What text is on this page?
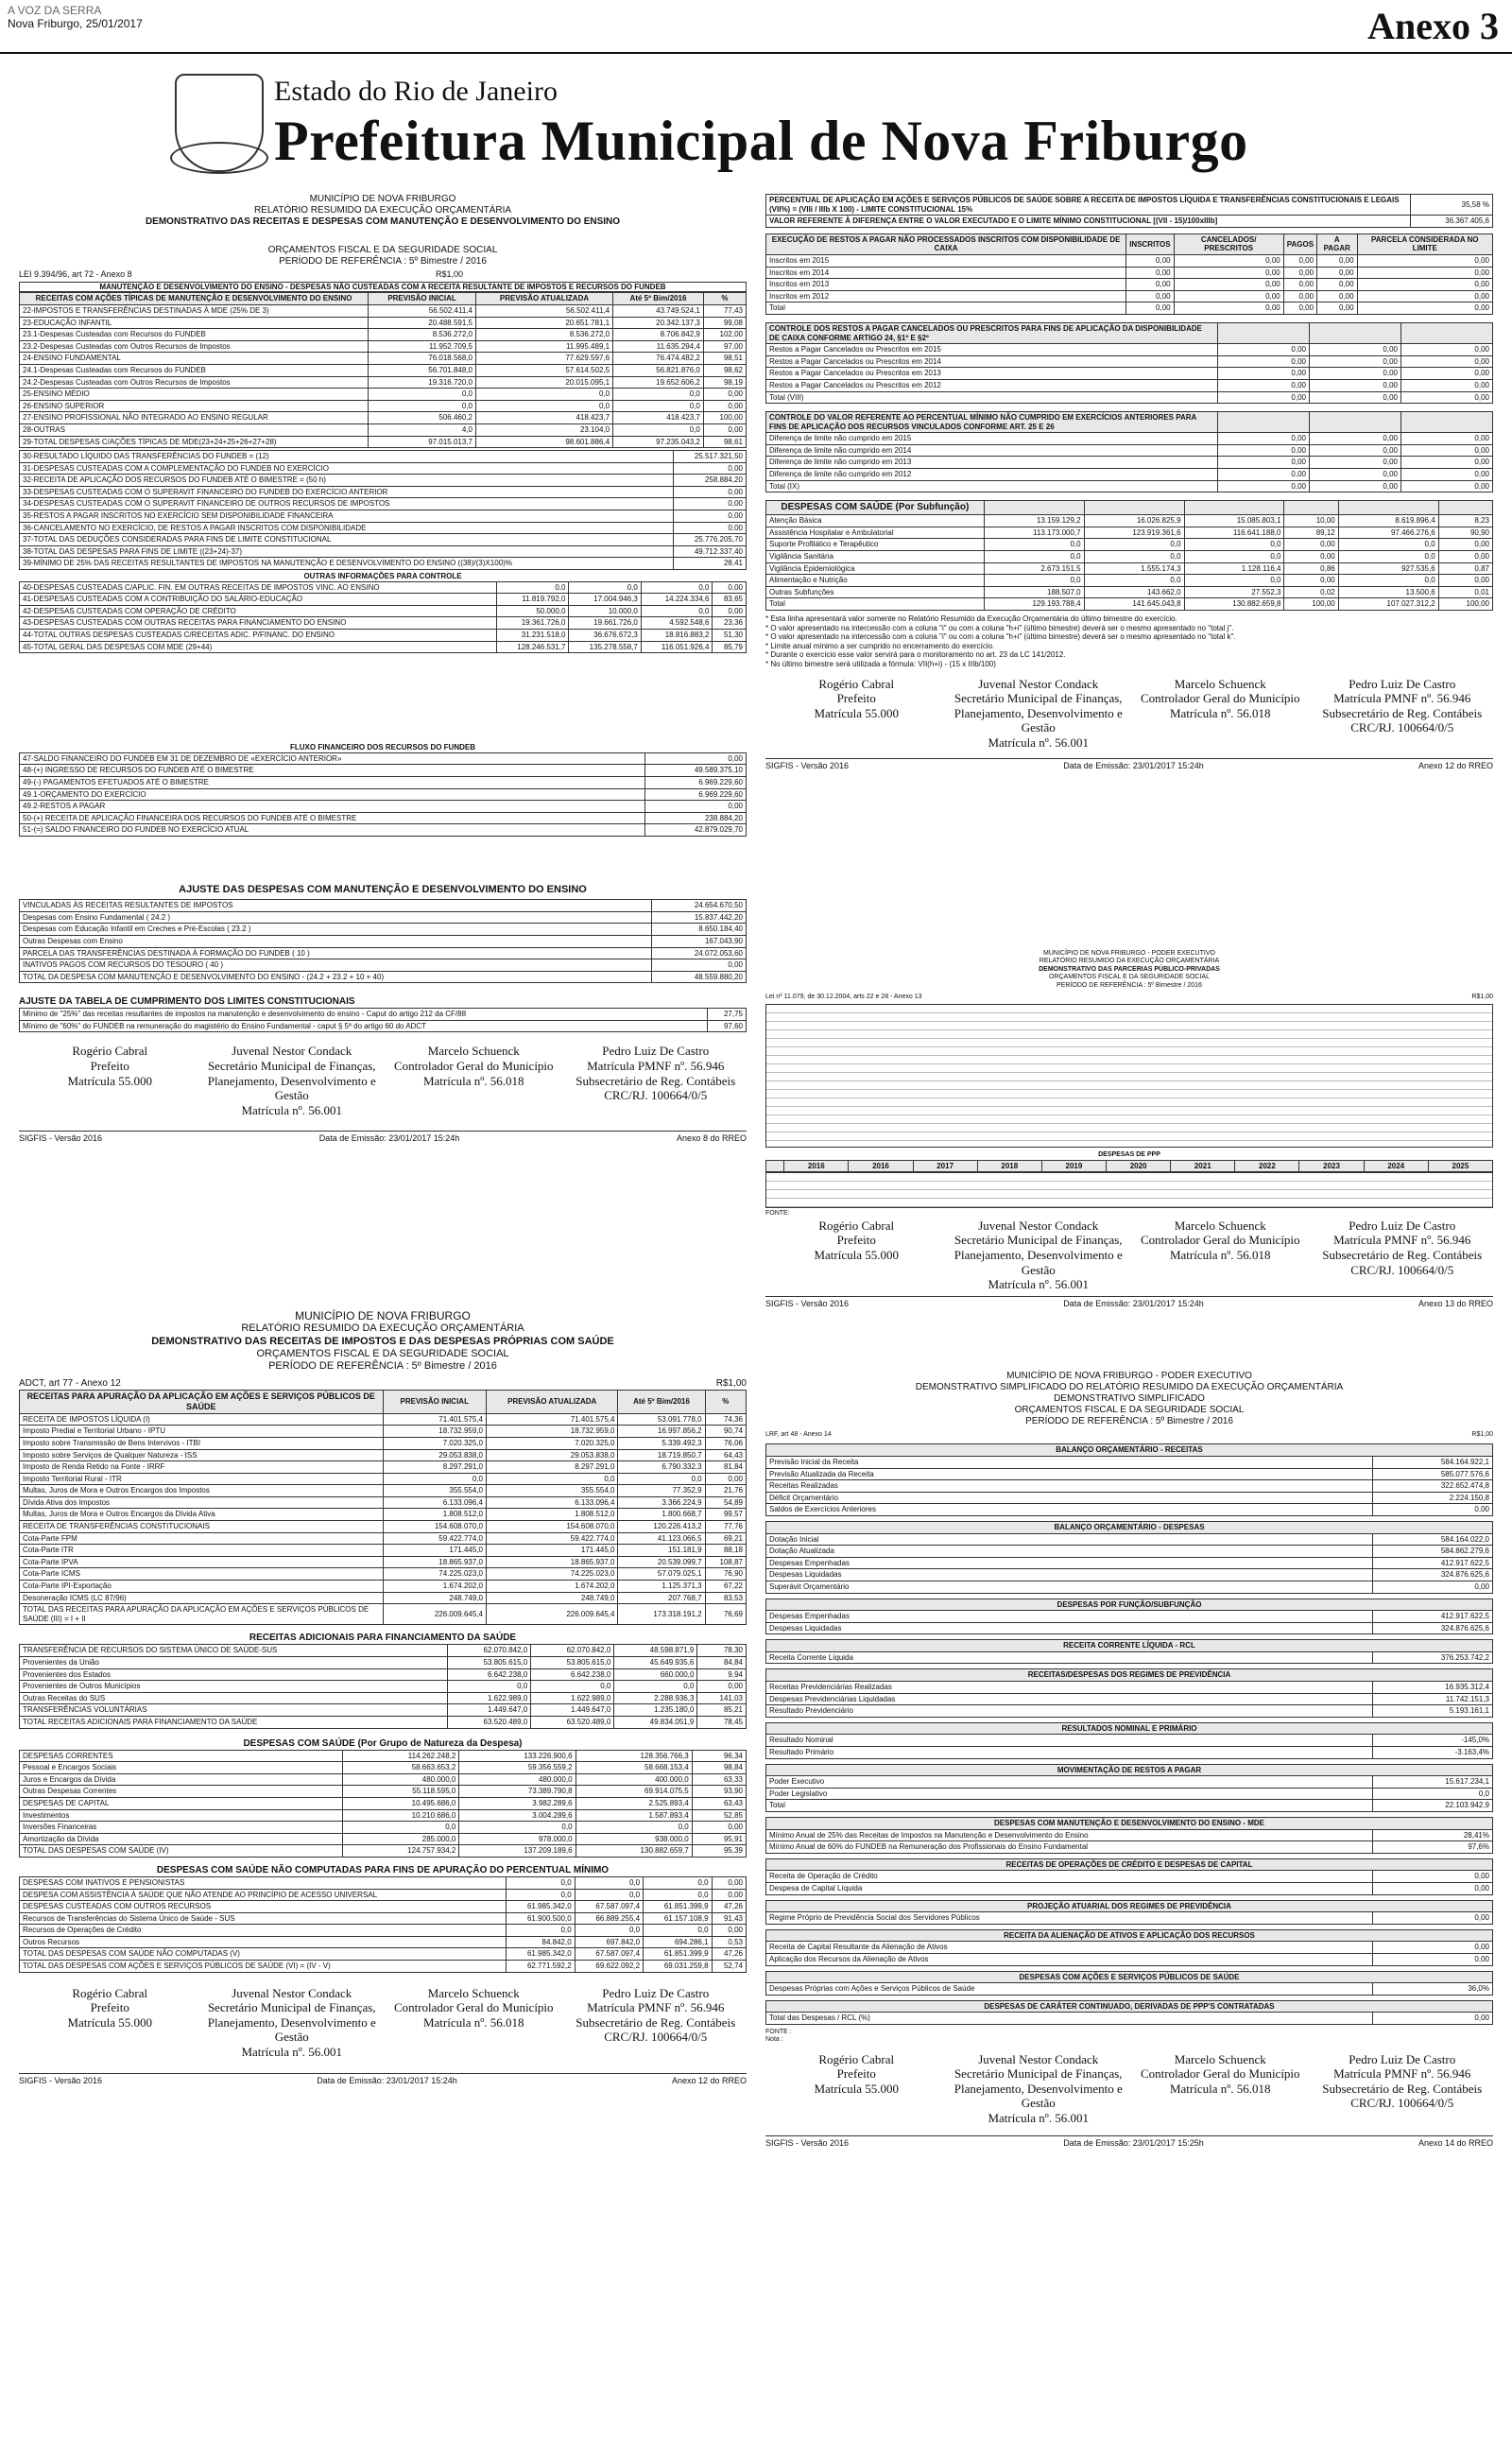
A VOZ DA SERRA
Nova Friburgo, 25/01/2017	Anexo 3
Estado do Rio de Janeiro
Prefeitura Municipal de Nova Friburgo
MUNICÍPIO DE NOVA FRIBURGO
RELATÓRIO RESUMIDO DA EXECUÇÃO ORÇAMENTÁRIA
DEMONSTRATIVO DAS RECEITAS E DESPESAS COM MANUTENÇÃO E DESENVOLVIMENTO DO ENSINO
ORÇAMENTOS FISCAL E DA SEGURIDADE SOCIAL
PERÍODO DE REFERÊNCIA : 5º Bimestre / 2016
LEI 9.394/96, art 72 - Anexo 8	R$1,00
MANUTENÇÃO E DESENVOLVIMENTO DO ENSINO - DESPESAS NÃO CUSTEADAS COM A RECEITA RESULTANTE DE IMPOSTOS E RECURSOS DO FUNDEB
RECEITAS COM AÇÕES TÍPICAS DE MANUTENÇÃO E DESENVOLVIMENTO DO ENSINO	PREVISÃO INICIAL	PREVISÃO ATUALIZADA	Até 5º Bim/2016	%
22-IMPOSTOS E TRANSFERÊNCIAS DESTINADAS À MDE (25% DE 3)	56.502.411,4	56.502.411,4	43.749.524,1	77,43
23-EDUCAÇÃO INFANTIL	20.488.591,5	20.651.781,1	20.342.137,3	99,08
23.1-Despesas Custeadas com Recursos do FUNDEB	8.536.272,0	8.536.272,0	8.706.842,9	102,00
23.2-Despesas Custeadas com Outros Recursos de Impostos	11.952.709,5	11.995.489,1	11.635.294,4	97,00
24-ENSINO FUNDAMENTAL	76.018.568,0	77.629.597,6	76.474.482,2	98,51
24.1-Despesas Custeadas com Recursos do FUNDEB	56.701.848,0	57.614.502,5	56.821.876,0	98,62
24.2-Despesas Custeadas com Outros Recursos de Impostos	19.316.720,0	20.015.095,1	19.652.606,2	98,19
25-ENSINO MÉDIO	0,0	0,0	0,0	0,00
26-ENSINO SUPERIOR	0,0	0,0	0,0	0,00
27-ENSINO PROFISSIONAL NÃO INTEGRADO AO ENSINO REGULAR	506.460,2	418.423,7	418.423,7	100,00
28-OUTRAS	4,0	23.104,0	0,0	0,00
29-TOTAL DESPESAS C/AÇÕES TÍPICAS DE MDE(23+24+25+26+27+28)	97.015.013,7	98.601.886,4	97.235.043,2	98,61
30-RESULTADO LÍQUIDO DAS TRANSFERÊNCIAS DO FUNDEB = (12)	25.517.321,50
31-DESPESAS CUSTEADAS COM A COMPLEMENTAÇÃO DO FUNDEB NO EXERCÍCIO	0,00
32-RECEITA DE APLICAÇÃO DOS RECURSOS DO FUNDEB ATÉ O BIMESTRE = (50 h)	258.884,20
33-DESPESAS CUSTEADAS COM O SUPERAVIT FINANCEIRO DO FUNDEB DO EXERCÍCIO ANTERIOR	0,00
34-DESPESAS CUSTEADAS COM O SUPERAVIT FINANCEIRO DE OUTROS RECURSOS DE IMPOSTOS	0,00
35-RESTOS A PAGAR INSCRITOS NO EXERCÍCIO SEM DISPONIBILIDADE FINANCEIRA	0,00
36-CANCELAMENTO NO EXERCÍCIO, DE RESTOS A PAGAR INSCRITOS COM DISPONIBILIDADE	0,00
37-TOTAL DAS DEDUÇÕES CONSIDERADAS PARA FINS DE LIMITE CONSTITUCIONAL	25.776.205,70
38-TOTAL DAS DESPESAS PARA FINS DE LIMITE ((23+24)-37)	49.712.337,40
39-MÍNIMO DE 25% DAS RECEITAS RESULTANTES DE IMPOSTOS NA MANUTENÇÃO E DESENVOLVIMENTO DO ENSINO ((38)/(3)X100)%	28,41
OUTRAS INFORMAÇÕES PARA CONTROLE
40-DESPESAS CUSTEADAS C/APLIC. FIN. EM OUTRAS RECEITAS DE IMPOSTOS VINC. AO ENSINO	0,0	0,0	0,0	0,00
41-DESPESAS CUSTEADAS COM A CONTRIBUIÇÃO DO SALÁRIO-EDUCAÇÃO	11.819.792,0	17.004.946,3	14.224.334,6	83,65
42-DESPESAS CUSTEADAS COM OPERAÇÃO DE CRÉDITO	50.000,0	10.000,0	0,0	0,00
43-DESPESAS CUSTEADAS COM OUTRAS RECEITAS PARA FINANCIAMENTO DO ENSINO	19.361.726,0	19.661.726,0	4.592.548,6	23,36
44-TOTAL OUTRAS DESPESAS CUSTEADAS C/RECEITAS ADIC. P/FINANC. DO ENSINO	31.231.518,0	36.676.672,3	18.816.883,2	51,30
45-TOTAL GERAL DAS DESPESAS COM MDE (29+44)	128.246.531,7	135.278.558,7	116.051.926,4	85,79
FLUXO FINANCEIRO DOS RECURSOS DO FUNDEB
47-SALDO FINANCEIRO DO FUNDEB EM 31 DE DEZEMBRO DE «EXERCÍCIO ANTERIOR»	0,00
48-(+) INGRESSO DE RECURSOS DO FUNDEB ATÉ O BIMESTRE	49.589.375,10
49-(-) PAGAMENTOS EFETUADOS ATÉ O BIMESTRE	6.969.229,60
49.1-ORÇAMENTO DO EXERCÍCIO	6.969.229,60
49.2-RESTOS A PAGAR	0,00
50-(+) RECEITA DE APLICAÇÃO FINANCEIRA DOS RECURSOS DO FUNDEB ATÉ O BIMESTRE	238.884,20
51-(=) SALDO FINANCEIRO DO FUNDEB NO EXERCÍCIO ATUAL	42.879.029,70
AJUSTE DAS DESPESAS COM MANUTENÇÃO E DESENVOLVIMENTO DO ENSINO
VINCULADAS ÀS RECEITAS RESULTANTES DE IMPOSTOS	24.654.670,50
Despesas com Ensino Fundamental ( 24.2 )	15.837.442,20
Despesas com Educação Infantil em Creches e Pré-Escolas ( 23.2 )	8.650.184,40
Outras Despesas com Ensino	167.043,90
PARCELA DAS TRANSFERÊNCIAS DESTINADA À FORMAÇÃO DO FUNDEB ( 10 )	24.072.053,60
INATIVOS PAGOS COM RECURSOS DO TESOURO ( 40 )	0,00
TOTAL DA DESPESA COM MANUTENÇÃO E DESENVOLVIMENTO DO ENSINO - (24.2 + 23.2 + 10 + 40)	48.559.880,20
AJUSTE DA TABELA DE CUMPRIMENTO DOS LIMITES CONSTITUCIONAIS
Mínimo de "25%" das receitas resultantes de impostos na manutenção e desenvolvimento do ensino - Caput do artigo 212 da CF/88	27,75
Mínimo de "60%" do FUNDEB na remuneração do magistério do Ensino Fundamental - caput § 5º do artigo 60 do ADCT	97,60
Rogério Cabral
Prefeito
Matrícula 55.000
Juvenal Nestor Condack
Secretário Municipal de Finanças,
Planejamento, Desenvolvimento e Gestão
Matrícula nº. 56.001
Marcelo Schuenck
Controlador Geral do Município
Matrícula nº. 56.018
Pedro Luiz De Castro
Matrícula PMNF nº. 56.946
Subsecretário de Reg. Contábeis
CRC/RJ. 100664/0/5
SIGFIS - Versão 2016	Data de Emissão: 23/01/2017 15:24h	Anexo 8 do RREO
MUNICÍPIO DE NOVA FRIBURGO
RELATÓRIO RESUMIDO DA EXECUÇÃO ORÇAMENTÁRIA
DEMONSTRATIVO DAS RECEITAS DE IMPOSTOS E DAS DESPESAS PRÓPRIAS COM SAÚDE
ORÇAMENTOS FISCAL E DA SEGURIDADE SOCIAL
PERÍODO DE REFERÊNCIA : 5º Bimestre / 2016
ADCT, art 77 - Anexo 12	R$1,00
RECEITAS PARA APURAÇÃO DA APLICAÇÃO EM AÇÕES E SERVIÇOS PÚBLICOS DE SAÚDE	PREVISÃO INICIAL	PREVISÃO ATUALIZADA	Até 5º Bim/2016	%
RECEITA DE IMPOSTOS LÍQUIDA (I)	71.401.575,4	71.401.575,4	53.091.778,0	74,36
Imposto Predial e Territorial Urbano - IPTU	18.732.959,0	18.732.959,0	16.997.856,2	90,74
Imposto sobre Transmissão de Bens Intervivos - ITBI	7.020.325,0	7.020.325,0	5.339.492,3	76,06
Imposto sobre Serviços de Qualquer Natureza - ISS	29.053.838,0	29.053.838,0	18.719.850,7	64,43
Imposto de Renda Retido na Fonte - IRRF	8.297.291,0	8.297.291,0	6.790.332,3	81,84
Imposto Territorial Rural - ITR	0,0	0,0	0,0	0,00
Multas, Juros de Mora e Outros Encargos dos Impostos	355.554,0	355.554,0	77.352,9	21,76
Dívida Ativa dos Impostos	6.133.096,4	6.133.096,4	3.366.224,9	54,89
Multas, Juros de Mora e Outros Encargos da Dívida Ativa	1.808.512,0	1.808.512,0	1.800.668,7	99,57
RECEITA DE TRANSFERÊNCIAS CONSTITUCIONAIS	154.608.070,0	154.608.070,0	120.226.413,2	77,76
Cota-Parte FPM	59.422.774,0	59.422.774,0	41.123.066,5	69,21
Cota-Parte ITR	171.445,0	171.445,0	151.181,9	88,18
Cota-Parte IPVA	18.865.937,0	18.865.937,0	20.539.099,7	108,87
Cota-Parte ICMS	74.225.023,0	74.225.023,0	57.079.025,1	76,90
Cota-Parte IPI-Exportação	1.674.202,0	1.674.202,0	1.125.371,3	67,22
Desoneração ICMS (LC 87/96)	248.749,0	248.749,0	207.768,7	83,53
TOTAL DAS RECEITAS PARA APURAÇÃO DA APLICAÇÃO EM AÇÕES E SERVIÇOS PÚBLICOS DE SAÚDE (III) = I + II	226.009.645,4	226.009.645,4	173.318.191,2	76,69
RECEITAS ADICIONAIS PARA FINANCIAMENTO DA SAÚDE
TRANSFERÊNCIA DE RECURSOS DO SISTEMA ÚNICO DE SAÚDE-SUS	62.070.842,0	62.070.842,0	48.598.871,9	78,30
Provenientes da União	53.805.615,0	53.805.615,0	45.649.935,6	84,84
Provenientes dos Estados	6.642.238,0	6.642.238,0	660.000,0	9,94
Provenientes de Outros Municípios	0,0	0,0	0,0	0,00
Outras Receitas do SUS	1.622.989,0	1.622.989,0	2.288.936,3	141,03
TRANSFERÊNCIAS VOLUNTÁRIAS	1.449.647,0	1.449.647,0	1.235.180,0	85,21
TOTAL RECEITAS ADICIONAIS PARA FINANCIAMENTO DA SAÚDE	63.520.489,0	63.520.489,0	49.834.051,9	78,45
DESPESAS COM SAÚDE (Por Grupo de Natureza da Despesa)
DESPESAS CORRENTES	114.262.248,2	133.226.900,6	128.356.766,3	96,34
Pessoal e Encargos Sociais	58.663.653,2	59.356.559,2	58.668.153,4	98,84
Juros e Encargos da Dívida	480.000,0	480.000,0	400.000,0	63,33
Outras Despesas Correntes	55.118.595,0	73.389.790,8	69.914.075,5	93,90
DESPESAS DE CAPITAL	10.495.686,0	3.982.289,6	2.525.893,4	63,43
Investimentos	10.210.686,0	3.004.289,6	1.587.893,4	52,85
Inversões Financeiras	0,0	0,0	0,0	0,00
Amortização da Dívida	285.000,0	978.000,0	938.000,0	95,91
TOTAL DAS DESPESAS COM SAÚDE (IV)	124.757.934,2	137.209.189,6	130.882.659,7	95,39
DESPESAS COM SAÚDE NÃO COMPUTADAS PARA FINS DE APURAÇÃO DO PERCENTUAL MÍNIMO
DESPESAS COM INATIVOS E PENSIONISTAS	0,0	0,0	0,0	0,00
DESPESA COM ASSISTÊNCIA À SAÚDE QUE NÃO ATENDE AO PRINCÍPIO DE ACESSO UNIVERSAL	0,0	0,0	0,0	0,00
DESPESAS CUSTEADAS COM OUTROS RECURSOS	61.985.342,0	67.587.097,4	61.851.399,9	47,26
Recursos de Transferências do Sistema Único de Saúde - SUS	61.900.500,0	66.889.255,4	61.157.108,9	91,43
Recursos de Operações de Crédito	0,0	0,0	0,0	0,00
Outros Recursos	84.842,0	697.842,0	694.286,1	0,53
TOTAL DAS DESPESAS COM SAÚDE NÃO COMPUTADAS (V)	61.985.342,0	67.587.097,4	61.851.399,9	47,26
TOTAL DAS DESPESAS COM AÇÕES E SERVIÇOS PÚBLICOS DE SAÚDE (VI) = (IV - V)	62.771.592,2	69.622.092,2	69.031.259,8	52,74
Rogério Cabral
Prefeito
Matrícula 55.000
Juvenal Nestor Condack
Secretário Municipal de Finanças,
Planejamento, Desenvolvimento e Gestão
Matrícula nº. 56.001
Marcelo Schuenck
Controlador Geral do Município
Matrícula nº. 56.018
Pedro Luiz De Castro
Matrícula PMNF nº. 56.946
Subsecretário de Reg. Contábeis
CRC/RJ. 100664/0/5
SIGFIS - Versão 2016	Data de Emissão: 23/01/2017 15:24h	Anexo 12 do RREO
PERCENTUAL DE APLICAÇÃO EM AÇÕES E SERVIÇOS PÚBLICOS DE SAÚDE SOBRE A RECEITA DE IMPOSTOS LÍQUIDA E TRANSFERÊNCIAS CONSTITUCIONAIS E LEGAIS (VII%) = (VIIi / IIIb X 100) - LIMITE CONSTITUCIONAL 15%	35,58 %
VALOR REFERENTE À DIFERENÇA ENTRE O VALOR EXECUTADO E O LIMITE MÍNIMO CONSTITUCIONAL [(VII - 15)/100xIIIb]	36.367.405,6
EXECUÇÃO DE RESTOS A PAGAR NÃO PROCESSADOS INSCRITOS COM DISPONIBILIDADE DE CAIXA	INSCRITOS	CANCELADOS/ PRESCRITOS	PAGOS	A PAGAR	PARCELA CONSIDERADA NO LIMITE
Inscritos em 2015	0,00	0,00	0,00	0,00	0,00
Inscritos em 2014	0,00	0,00	0,00	0,00	0,00
Inscritos em 2013	0,00	0,00	0,00	0,00	0,00
Inscritos em 2012	0,00	0,00	0,00	0,00	0,00
Total	0,00	0,00	0,00	0,00	0,00
CONTROLE DOS RESTOS A PAGAR CANCELADOS OU PRESCRITOS PARA FINS DE APLICAÇÃO DA DISPONIBILIDADE DE CAIXA CONFORME ARTIGO 24, §1º E §2º			
Restos a Pagar Cancelados ou Prescritos em 2015	0,00	0,00	0,00
Restos a Pagar Cancelados ou Prescritos em 2014	0,00	0,00	0,00
Restos a Pagar Cancelados ou Prescritos em 2013	0,00	0,00	0,00
Restos a Pagar Cancelados ou Prescritos em 2012	0,00	0,00	0,00
Total (VIII)	0,00	0,00	0,00
CONTROLE DO VALOR REFERENTE AO PERCENTUAL MÍNIMO NÃO CUMPRIDO EM EXERCÍCIOS ANTERIORES PARA FINS DE APLICAÇÃO DOS RECURSOS VINCULADOS CONFORME ART. 25 E 26			
Diferença de limite não cumprido em 2015	0,00	0,00	0,00
Diferença de limite não cumprido em 2014	0,00	0,00	0,00
Diferença de limite não cumprido em 2013	0,00	0,00	0,00
Diferença de limite não cumprido em 2012	0,00	0,00	0,00
Total (IX)	0,00	0,00	0,00
DESPESAS COM SAÚDE (Por Subfunção)						
Atenção Básica	13.159.129,2	16.026.825,9	15.085.803,1	10,00	8.619.896,4	8,23
Assistência Hospitalar e Ambulatorial	113.173.000,7	123.919.361,6	116.641.188,0	89,12	97.466.276,6	90,90
Suporte Profilático e Terapêutico	0,0	0,0	0,0	0,00	0,0	0,00
Vigilância Sanitária	0,0	0,0	0,0	0,00	0,0	0,00
Vigilância Epidemiológica	2.673.151,5	1.555.174,3	1.128.116,4	0,86	927.535,6	0,87
Alimentação e Nutrição	0,0	0,0	0,0	0,00	0,0	0,00
Outras Subfunções	188.507,0	143.662,0	27.552,3	0,02	13.500,6	0,01
Total	129.193.788,4	141.645.043,8	130.882.659,8	100,00	107.027.312,2	100,00
* Esta linha apresentará valor somente no Relatório Resumido da Execução Orçamentária do último bimestre do exercício.
* O valor apresentado na intercessão com a coluna "i" ou com a coluna "h+i" (último bimestre) deverá ser o mesmo apresentado no "total j".
* O valor apresentado na intercessão com a coluna "i" ou com a coluna "h+i" (último bimestre) deverá ser o mesmo apresentado no "total k".
* Limite anual mínimo a ser cumprido no encerramento do exercício.
* Durante o exercício esse valor servirá para o monitoramento no art. 23 da LC 141/2012.
* No último bimestre será utilizada a fórmula: VII(h+i) - (15 x IIIb/100)
Rogério Cabral
Prefeito
Matrícula 55.000
Juvenal Nestor Condack
Secretário Municipal de Finanças,
Planejamento, Desenvolvimento e Gestão
Matrícula nº. 56.001
Marcelo Schuenck
Controlador Geral do Município
Matrícula nº. 56.018
Pedro Luiz De Castro
Matrícula PMNF nº. 56.946
Subsecretário de Reg. Contábeis
CRC/RJ. 100664/0/5
SIGFIS - Versão 2016	Data de Emissão: 23/01/2017 15:24h	Anexo 12 do RREO
MUNICÍPIO DE NOVA FRIBURGO - PODER EXECUTIVO
RELATÓRIO RESUMIDO DA EXECUÇÃO ORÇAMENTÁRIA
DEMONSTRATIVO DAS PARCERIAS PÚBLICO-PRIVADAS
ORÇAMENTOS FISCAL E DA SEGURIDADE SOCIAL
PERÍODO DE REFERÊNCIA : 5º Bimestre / 2016
Lei nº 11.079, de 30.12.2004, arts 22 e 28 - Anexo 13	R$1,00
DESPESAS DE PPP
	2016	2016	2017	2018	2019	2020	2021	2022	2023	2024	2025
FONTE:
Rogério Cabral
Prefeito
Matrícula 55.000
Juvenal Nestor Condack
Secretário Municipal de Finanças,
Planejamento, Desenvolvimento e Gestão
Matrícula nº. 56.001
Marcelo Schuenck
Controlador Geral do Município
Matrícula nº. 56.018
Pedro Luiz De Castro
Matrícula PMNF nº. 56.946
Subsecretário de Reg. Contábeis
CRC/RJ. 100664/0/5
SIGFIS - Versão 2016	Data de Emissão: 23/01/2017 15:24h	Anexo 13 do RREO
MUNICÍPIO DE NOVA FRIBURGO - PODER EXECUTIVO
DEMONSTRATIVO SIMPLIFICADO DO RELATÓRIO RESUMIDO DA EXECUÇÃO ORÇAMENTÁRIA
DEMONSTRATIVO SIMPLIFICADO
ORÇAMENTOS FISCAL E DA SEGURIDADE SOCIAL
PERÍODO DE REFERÊNCIA : 5º Bimestre / 2016
LRF, art 48 - Anexo 14	R$1,00
BALANÇO ORÇAMENTÁRIO - RECEITAS	
Previsão Inicial da Receita	584.164.922,1
Previsão Atualizada da Receita	585.077.576,6
Receitas Realizadas	322.652.474,8
Déficit Orçamentário	2.224.150,8
Saldos de Exercícios Anteriores	0,00
BALANÇO ORÇAMENTÁRIO - DESPESAS	
Dotação Inicial	584.164.022,0
Dotação Atualizada	584.862.279,6
Despesas Empenhadas	412.917.622,5
Despesas Liquidadas	324.876.625,6
Superávit Orçamentário	0,00
DESPESAS POR FUNÇÃO/SUBFUNÇÃO	
Despesas Empenhadas	412.917.622,5
Despesas Liquidadas	324.876.625,6
RECEITA CORRENTE LÍQUIDA - RCL
Receita Corrente Líquida	376.253.742,2
RECEITAS/DESPESAS DOS REGIMES DE PREVIDÊNCIA	
Receitas Previdenciárias Realizadas	16.935.312,4
Despesas Previdenciárias Liquidadas	11.742.151,3
Resultado Previdenciário	5.193.161,1
RESULTADOS NOMINAL E PRIMÁRIO	
Resultado Nominal	-145,0%
Resultado Primário	-3.163,4%
MOVIMENTAÇÃO DE RESTOS A PAGAR	
Poder Executivo	15.617.234,1
Poder Legislativo	0,0
Total	22.103.942,9
DESPESAS COM MANUTENÇÃO E DESENVOLVIMENTO DO ENSINO - MDE	
Mínimo Anual de 25% das Receitas de Impostos na Manutenção e Desenvolvimento do Ensino	28,41%
Mínimo Anual de 60% do FUNDEB na Remuneração dos Profissionais do Ensino Fundamental	97,6%
RECEITAS DE OPERAÇÕES DE CRÉDITO E DESPESAS DE CAPITAL	
Receita de Operação de Crédito	0,00
Despesa de Capital Líquida	0,00
PROJEÇÃO ATUARIAL DOS REGIMES DE PREVIDÊNCIA
Regime Próprio de Previdência Social dos Servidores Públicos	0,00
RECEITA DA ALIENAÇÃO DE ATIVOS E APLICAÇÃO DOS RECURSOS	
Receita de Capital Resultante da Alienação de Ativos	0,00
Aplicação dos Recursos da Alienação de Ativos	0,00
DESPESAS COM AÇÕES E SERVIÇOS PÚBLICOS DE SAÚDE
Despesas Próprias com Ações e Serviços Públicos de Saúde	36,0%
DESPESAS DE CARÁTER CONTINUADO, DERIVADAS DE PPP'S CONTRATADAS
Total das Despesas / RCL (%)	0,00
FONTE :
Nota :
Rogério Cabral
Prefeito
Matrícula 55.000
Juvenal Nestor Condack
Secretário Municipal de Finanças,
Planejamento, Desenvolvimento e Gestão
Matrícula nº. 56.001
Marcelo Schuenck
Controlador Geral do Município
Matrícula nº. 56.018
Pedro Luiz De Castro
Matrícula PMNF nº. 56.946
Subsecretário de Reg. Contábeis
CRC/RJ. 100664/0/5
SIGFIS - Versão 2016	Data de Emissão: 23/01/2017 15:25h	Anexo 14 do RREO
